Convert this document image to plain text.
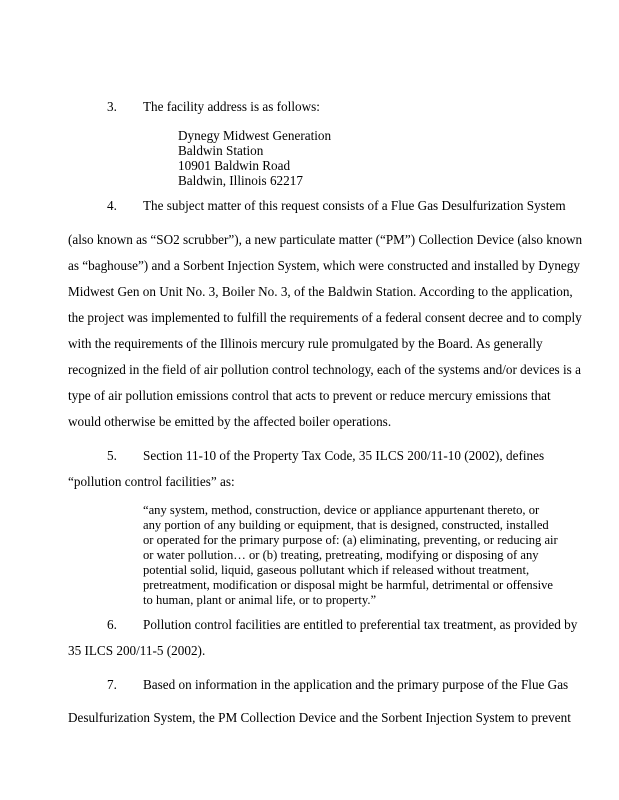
3. The facility address is as follows:
Dynegy Midwest Generation
Baldwin Station
10901 Baldwin Road
Baldwin, Illinois 62217
4. The subject matter of this request consists of a Flue Gas Desulfurization System
(also known as “SO2 scrubber”), a new particulate matter (“PM”) Collection Device (also known
as “baghouse”) and a Sorbent Injection System, which were constructed and installed by Dynegy
Midwest Gen on Unit No. 3, Boiler No. 3, of the Baldwin Station. According to the application,
the project was implemented to fulfill the requirements of a federal consent decree and to comply
with the requirements of the Illinois mercury rule promulgated by the Board. As generally
recognized in the field of air pollution control technology, each of the systems and/or devices is a
type of air pollution emissions control that acts to prevent or reduce mercury emissions that
would otherwise be emitted by the affected boiler operations.
5. Section 11-10 of the Property Tax Code, 35 ILCS 200/11-10 (2002), defines
“pollution control facilities” as:
“any system, method, construction, device or appliance appurtenant thereto, or
any portion of any building or equipment, that is designed, constructed, installed
or operated for the primary purpose of: (a) eliminating, preventing, or reducing air
or water pollution… or (b) treating, pretreating, modifying or disposing of any
potential solid, liquid, gaseous pollutant which if released without treatment,
pretreatment, modification or disposal might be harmful, detrimental or offensive
to human, plant or animal life, or to property.”
6. Pollution control facilities are entitled to preferential tax treatment, as provided by
35 ILCS 200/11-5 (2002).
7. Based on information in the application and the primary purpose of the Flue Gas
Desulfurization System, the PM Collection Device and the Sorbent Injection System to prevent
